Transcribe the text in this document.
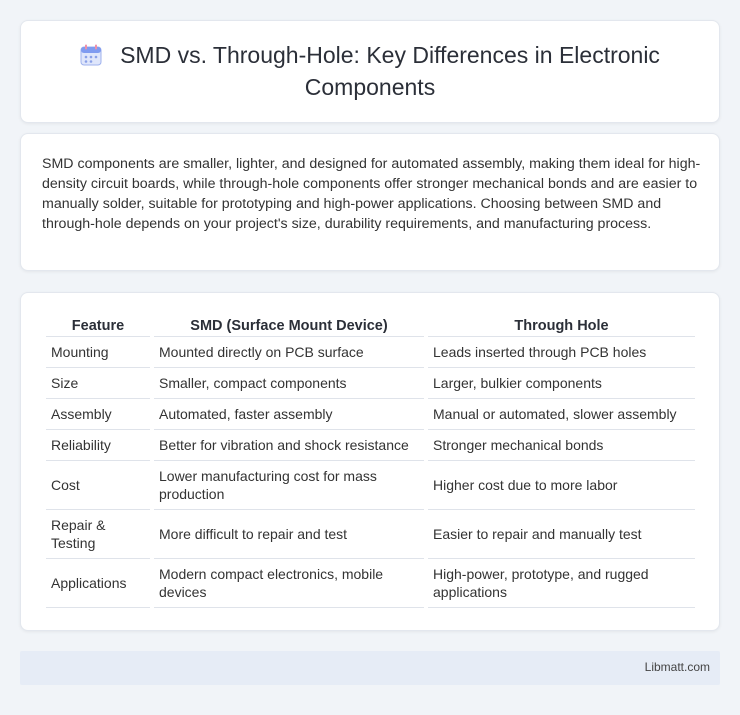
SMD vs. Through-Hole: Key Differences in Electronic Components

SMD components are smaller, lighter, and designed for automated assembly, making them ideal for high-density circuit boards, while through-hole components offer stronger mechanical bonds and are easier to manually solder, suitable for prototyping and high-power applications. Choosing between SMD and through-hole depends on your project's size, durability requirements, and manufacturing process.

Feature	SMD (Surface Mount Device)	Through Hole
Mounting	Mounted directly on PCB surface	Leads inserted through PCB holes
Size	Smaller, compact components	Larger, bulkier components
Assembly	Automated, faster assembly	Manual or automated, slower assembly
Reliability	Better for vibration and shock resistance	Stronger mechanical bonds
Cost	Lower manufacturing cost for mass production	Higher cost due to more labor
Repair & Testing	More difficult to repair and test	Easier to repair and manually test
Applications	Modern compact electronics, mobile devices	High-power, prototype, and rugged applications
Libmatt.com
